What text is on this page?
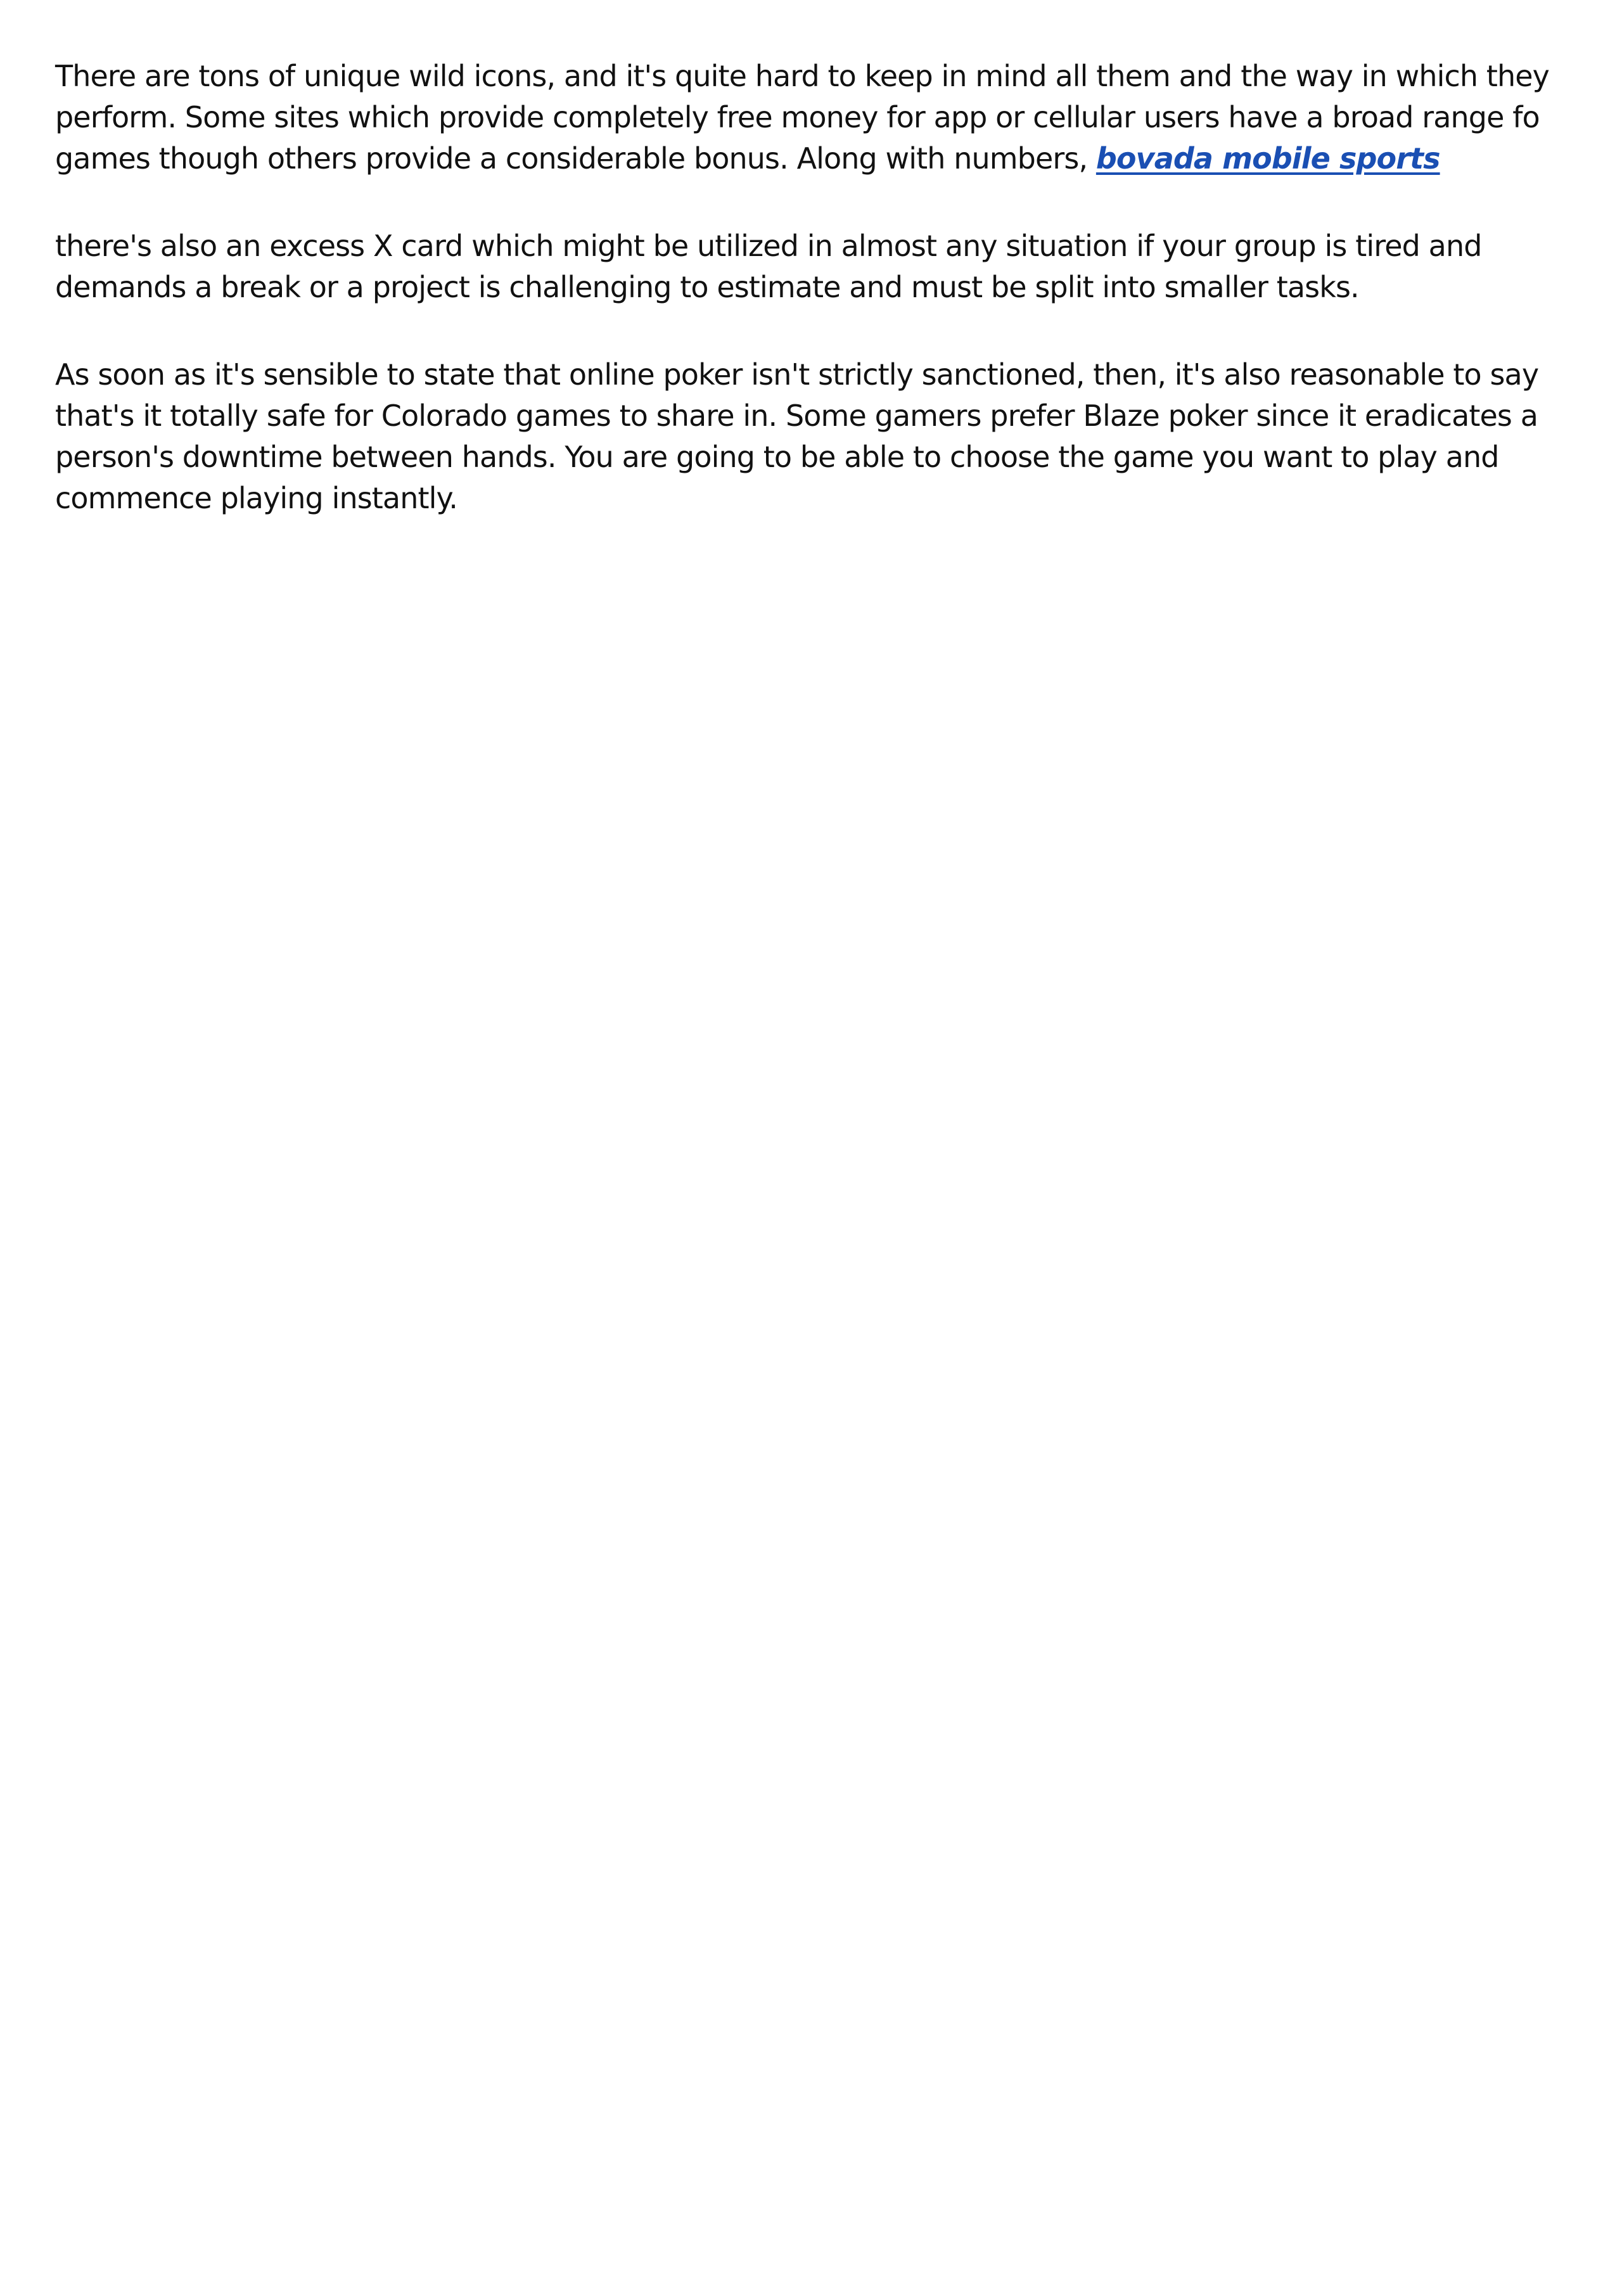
There are tons of unique wild icons, and it's quite hard to keep in mind all them and the way in which they perform. Some sites which provide completely free money for app or cellular users have a broad range fo games though others provide a considerable bonus. Along with numbers, bovada mobile sports

there's also an excess X card which might be utilized in almost any situation if your group is tired and demands a break or a project is challenging to estimate and must be split into smaller tasks.

As soon as it's sensible to state that online poker isn't strictly sanctioned, then, it's also reasonable to say that's it totally safe for Colorado games to share in. Some gamers prefer Blaze poker since it eradicates a person's downtime between hands. You are going to be able to choose the game you want to play and commence playing instantly.
